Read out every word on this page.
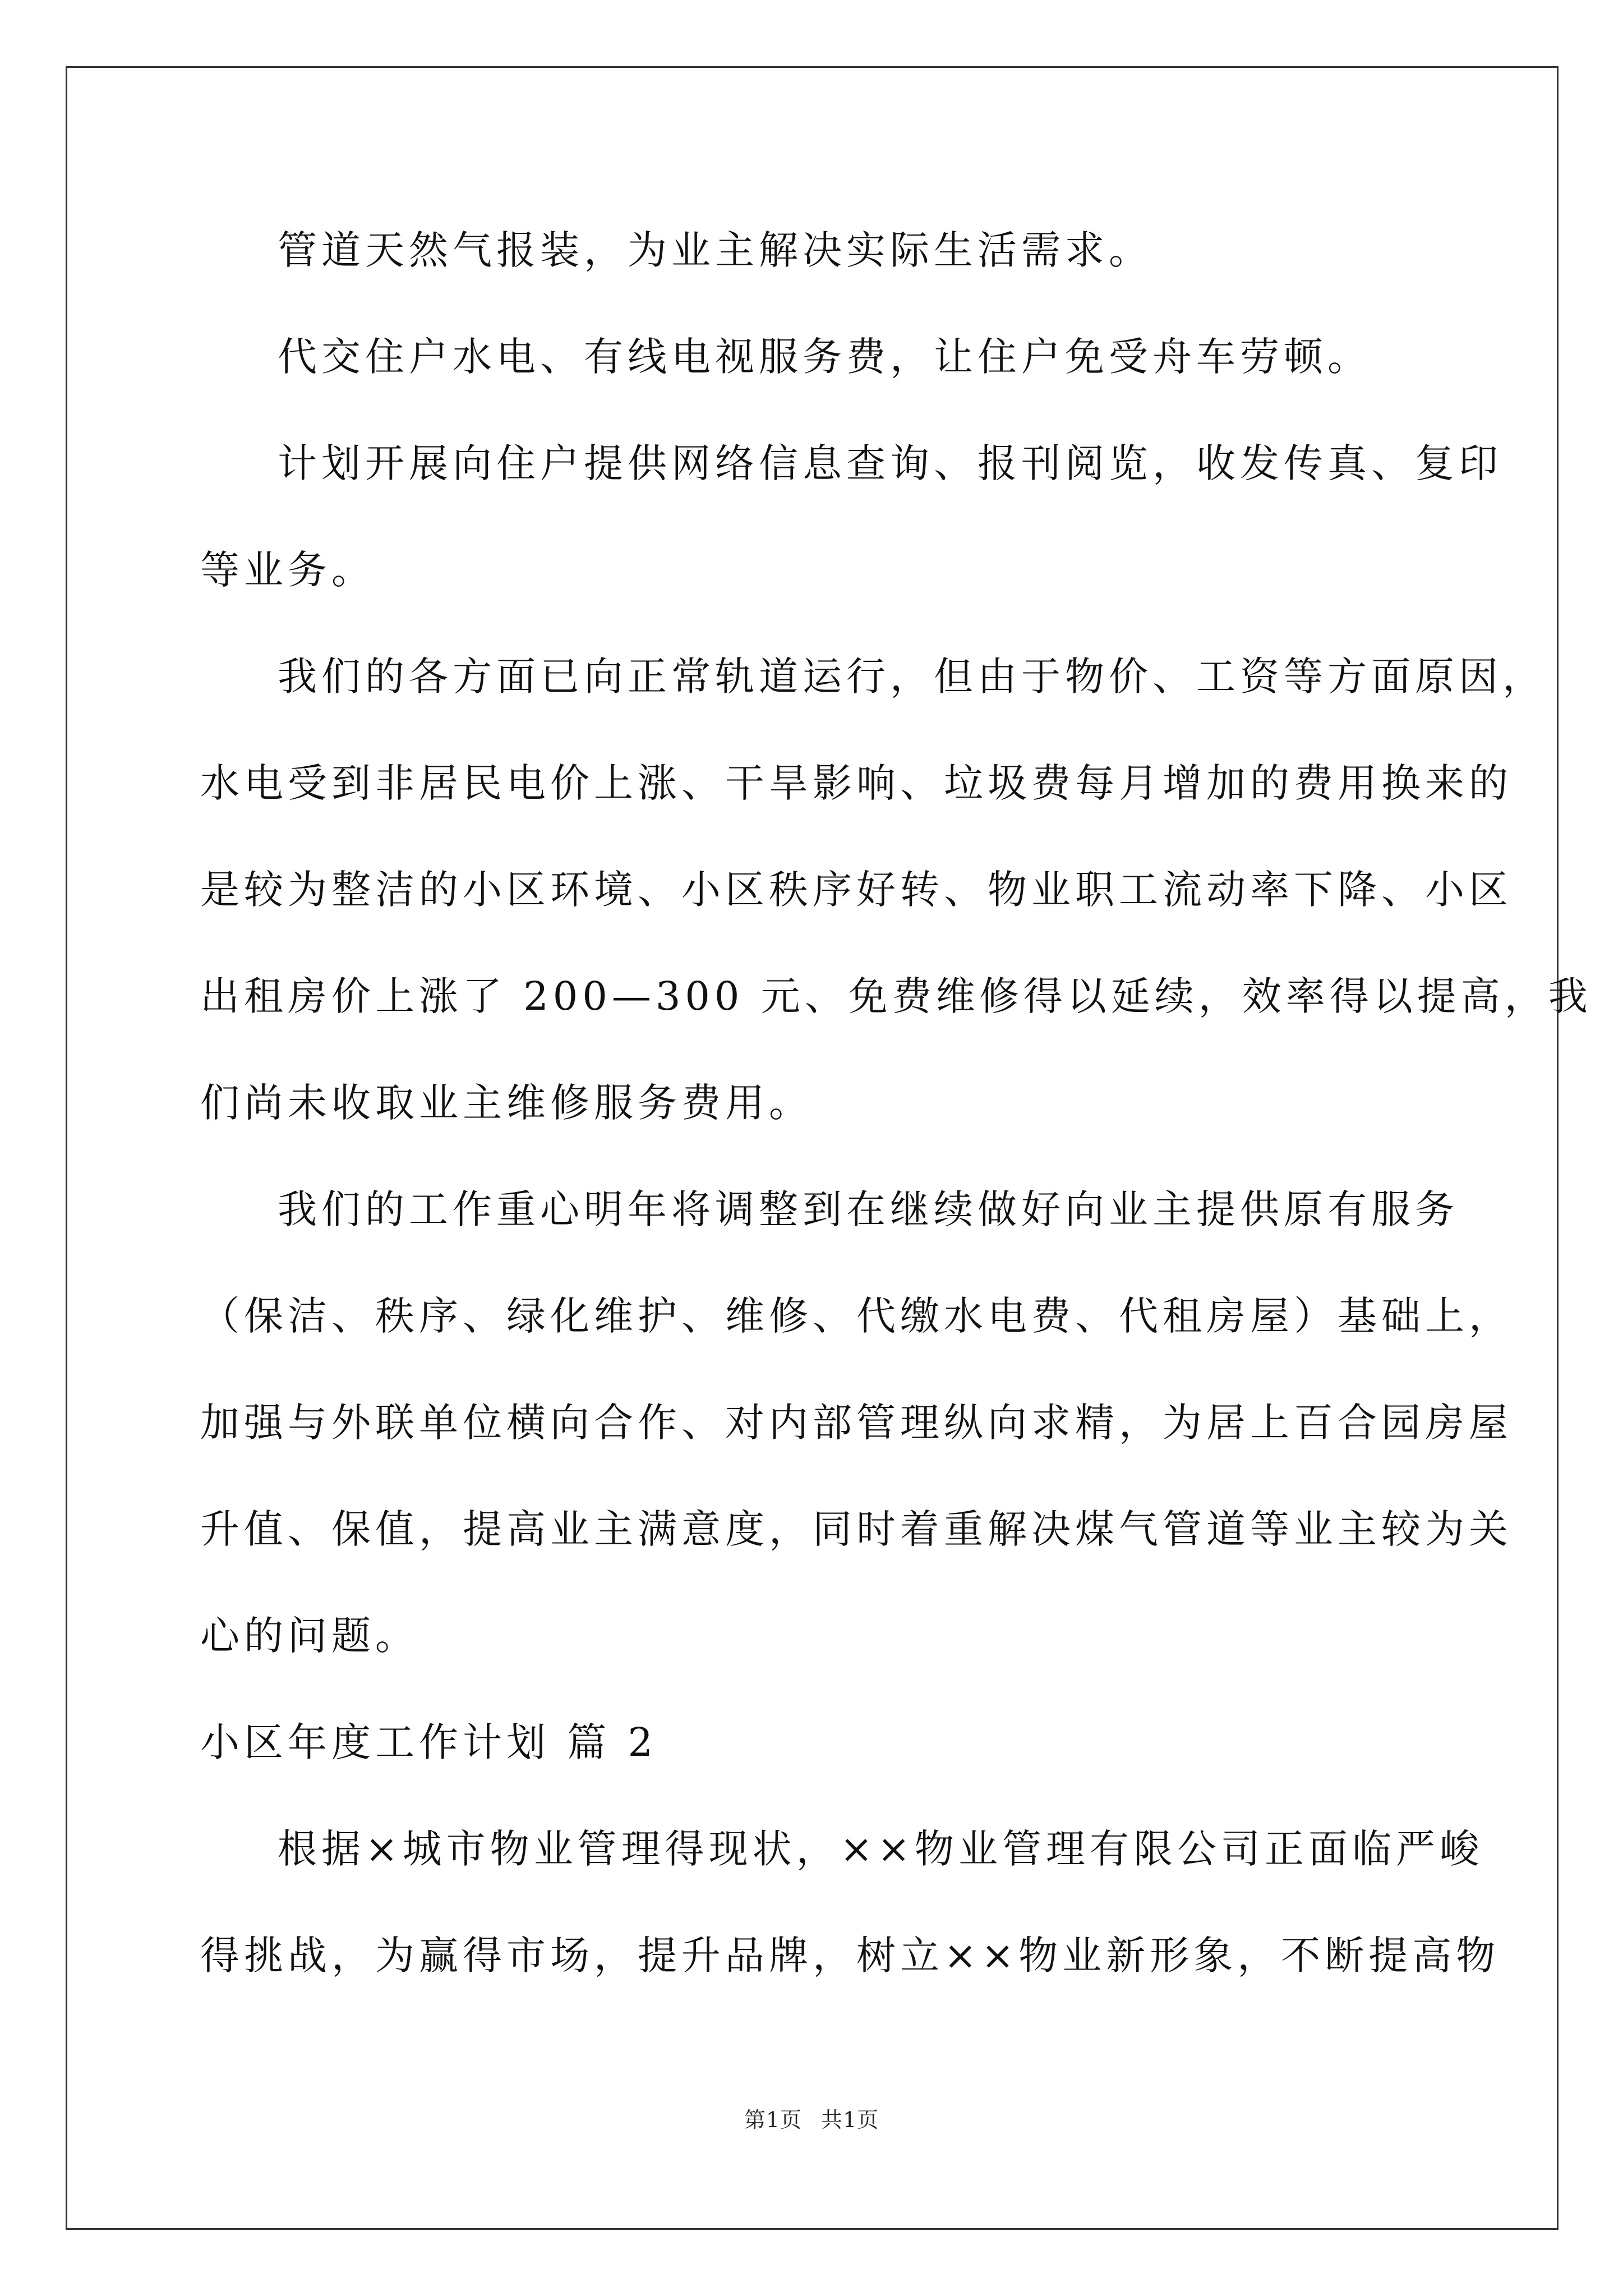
管道天然气报装，为业主解决实际生活需求。
代交住户水电、有线电视服务费，让住户免受舟车劳顿。
计划开展向住户提供网络信息查询、报刊阅览，收发传真、复印
等业务。
我们的各方面已向正常轨道运行，但由于物价、工资等方面原因，
水电受到非居民电价上涨、干旱影响、垃圾费每月增加的费用换来的
是较为整洁的小区环境、小区秩序好转、物业职工流动率下降、小区
出租房价上涨了 200—300 元、免费维修得以延续，效率得以提高，我
们尚未收取业主维修服务费用。
我们的工作重心明年将调整到在继续做好向业主提供原有服务
（保洁、秩序、绿化维护、维修、代缴水电费、代租房屋）基础上，
加强与外联单位横向合作、对内部管理纵向求精，为居上百合园房屋
升值、保值，提高业主满意度，同时着重解决煤气管道等业主较为关
心的问题。
小区年度工作计划 篇 2
根据×城市物业管理得现状，××物业管理有限公司正面临严峻
得挑战，为赢得市场，提升品牌，树立××物业新形象，不断提高物
第1页 共1页
